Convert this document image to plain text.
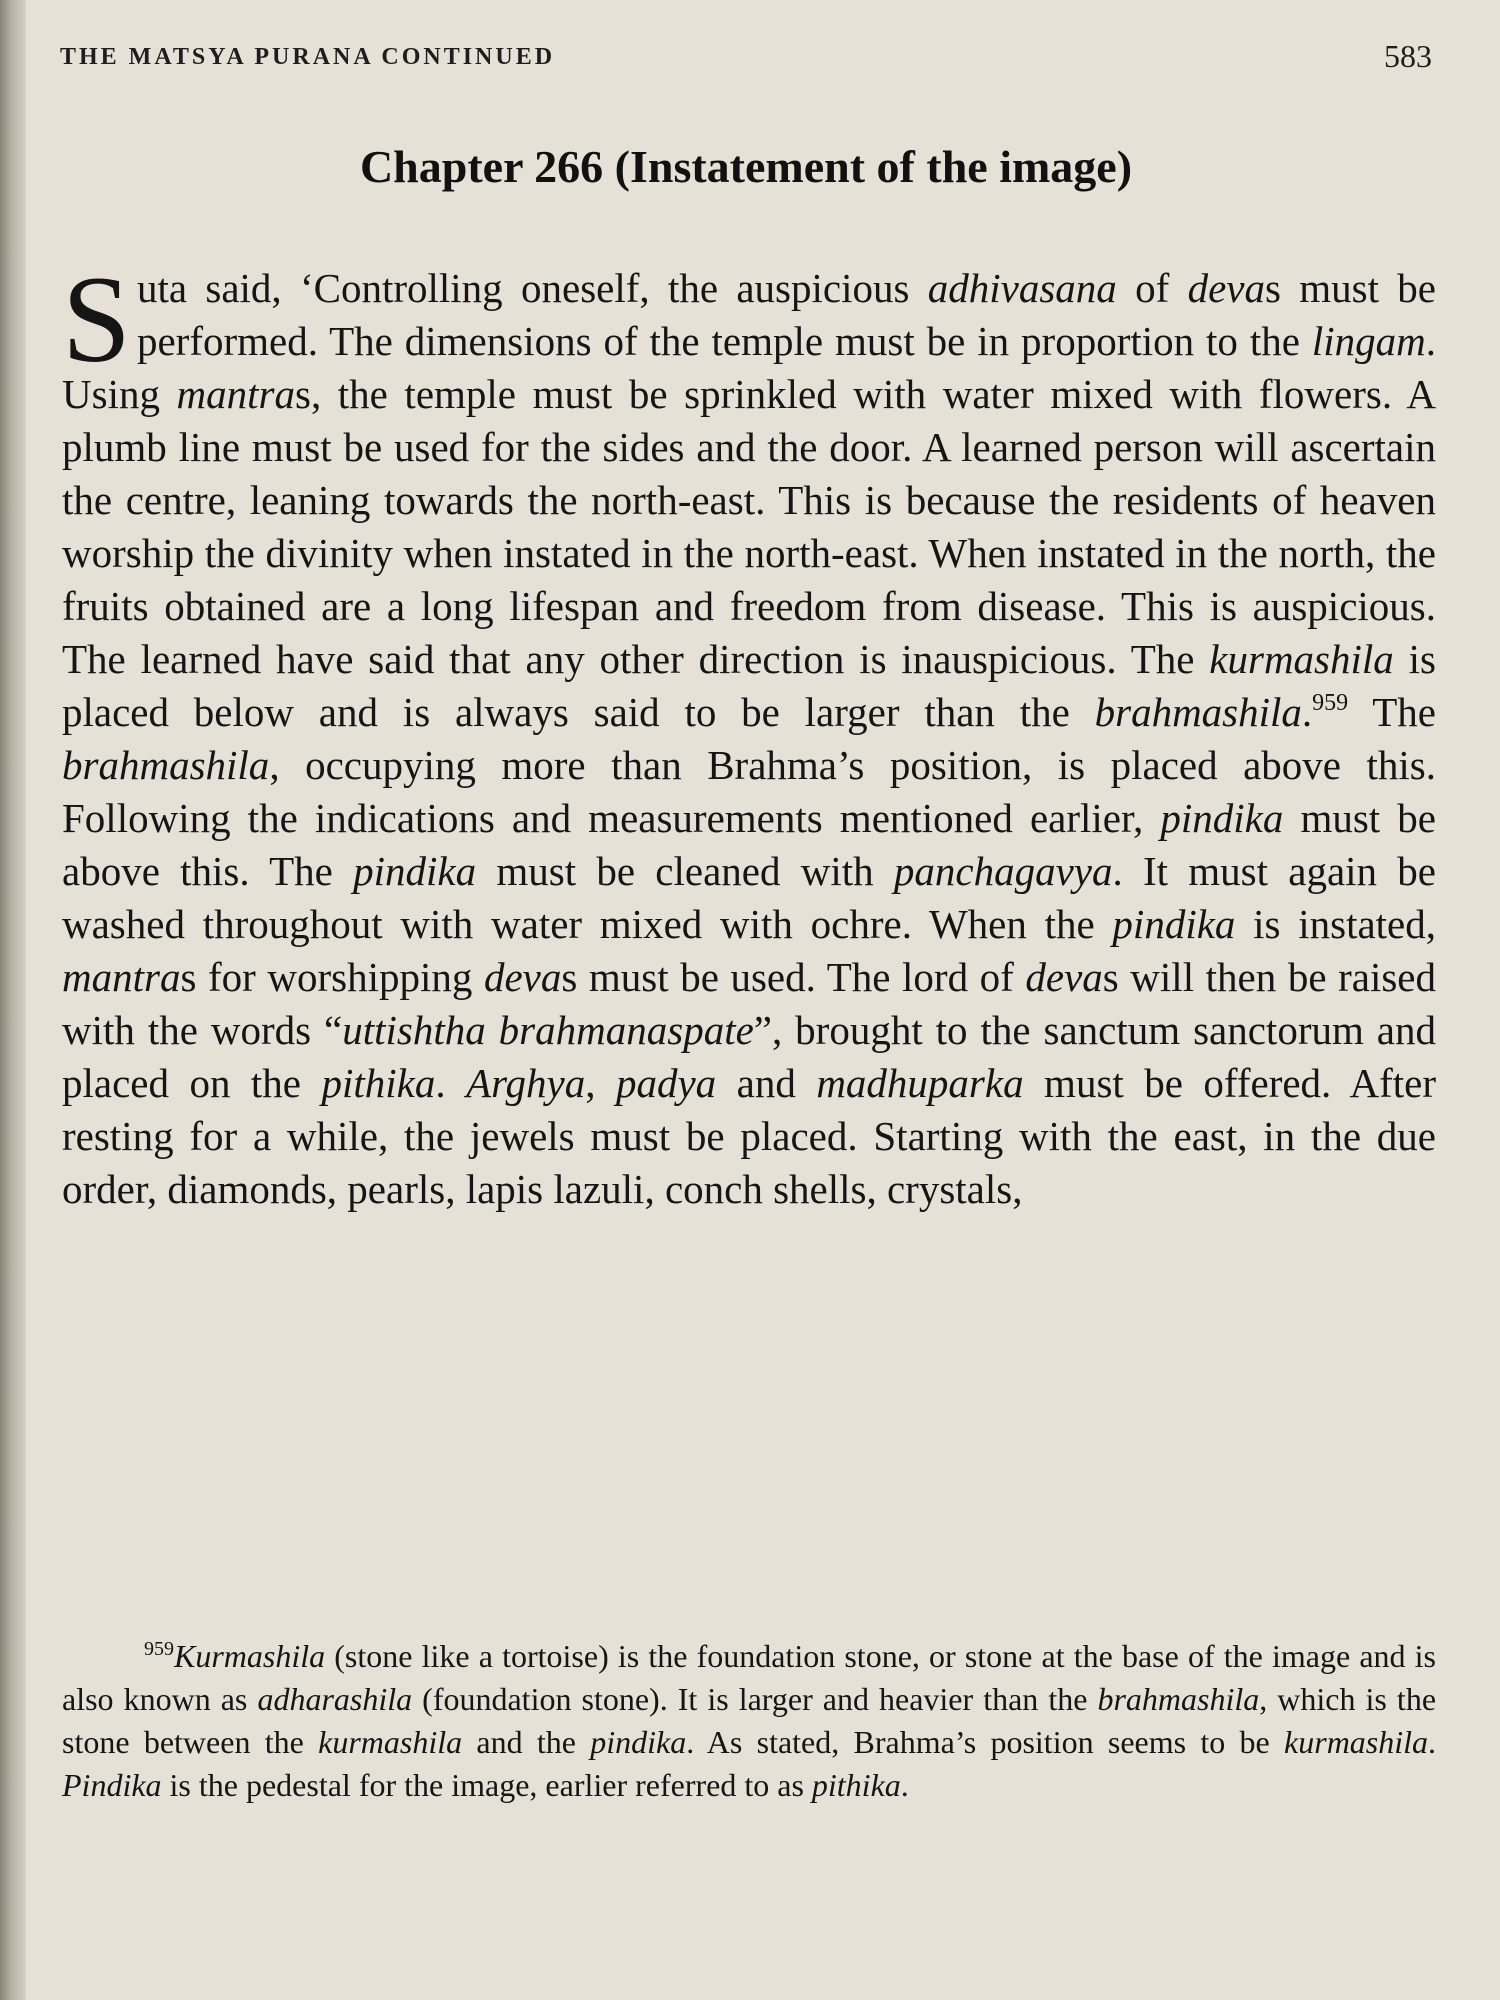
THE MATSYA PURANA CONTINUED	583
Chapter 266 (Instatement of the image)

Suta said, ‘Controlling oneself, the auspicious adhivasana of devas must be performed. The dimensions of the temple must be in proportion to the lingam. Using mantras, the temple must be sprinkled with water mixed with flowers. A plumb line must be used for the sides and the door. A learned person will ascertain the centre, leaning towards the north-east. This is because the residents of heaven worship the divinity when instated in the north-east. When instated in the north, the fruits obtained are a long lifespan and freedom from disease. This is auspicious. The learned have said that any other direction is inauspicious. The kurmashila is placed below and is always said to be larger than the brahmashila.$^{959}$ The brahmashila, occupying more than Brahma’s position, is placed above this. Following the indications and measurements mentioned earlier, pindika must be above this. The pindika must be cleaned with panchagavya. It must again be washed throughout with water mixed with ochre. When the pindika is instated, mantras for worshipping devas must be used. The lord of devas will then be raised with the words “uttishtha brahmanaspate”, brought to the sanctum sanctorum and placed on the pithika. Arghya, padya and madhuparka must be offered. After resting for a while, the jewels must be placed. Starting with the east, in the due order, diamonds, pearls, lapis lazuli, conch shells, crystals,

$^{959}$Kurmashila (stone like a tortoise) is the foundation stone, or stone at the base of the image and is also known as adharashila (foundation stone). It is larger and heavier than the brahmashila, which is the stone between the kurmashila and the pindika. As stated, Brahma’s position seems to be kurmashila. Pindika is the pedestal for the image, earlier referred to as pithika.
